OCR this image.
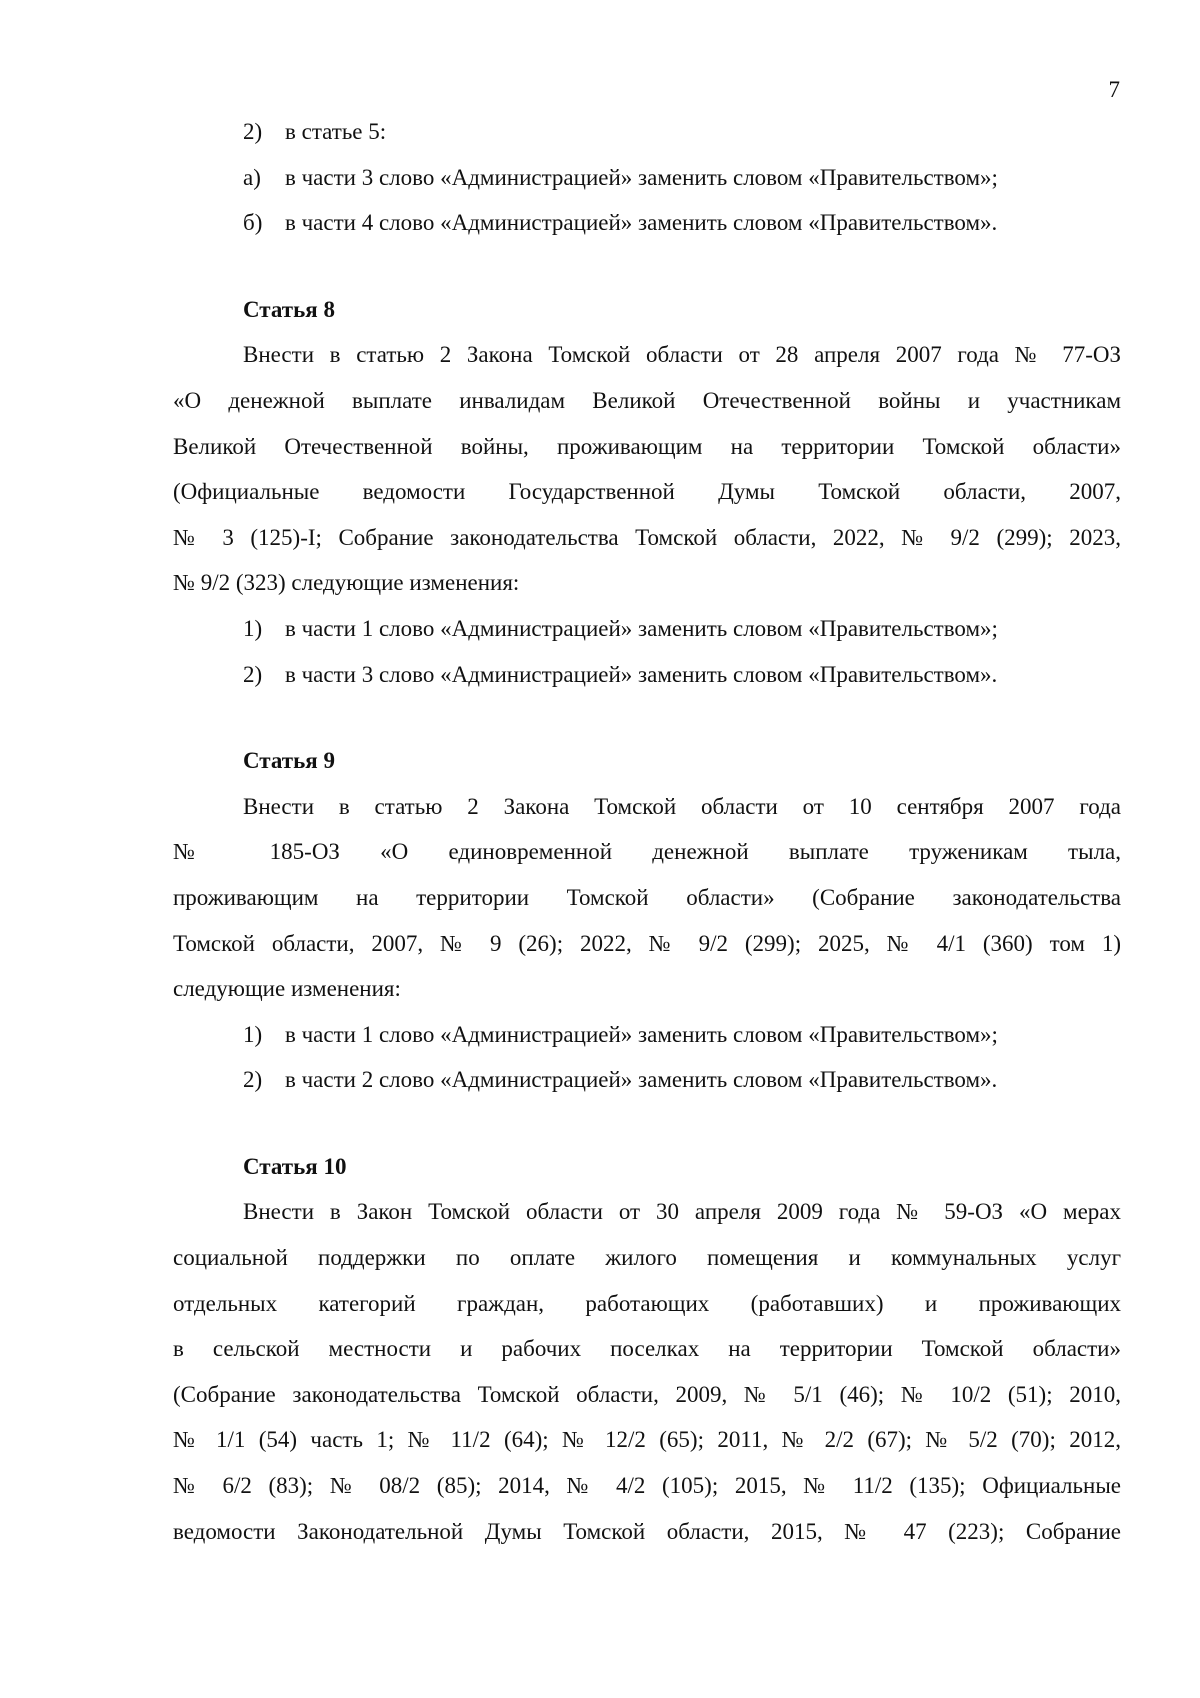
7
2) в статье 5:
а) в части 3 слово «Администрацией» заменить словом «Правительством»;
б) в части 4 слово «Администрацией» заменить словом «Правительством».
Статья 8
Внести в статью 2 Закона Томской области от 28 апреля 2007 года № 77-ОЗ
«О денежной выплате инвалидам Великой Отечественной войны и участникам
Великой Отечественной войны, проживающим на территории Томской области»
(Официальные ведомости Государственной Думы Томской области, 2007,
№ 3 (125)-I; Собрание законодательства Томской области, 2022, № 9/2 (299); 2023,
№ 9/2 (323) следующие изменения:
1) в части 1 слово «Администрацией» заменить словом «Правительством»;
2) в части 3 слово «Администрацией» заменить словом «Правительством».
Статья 9
Внести в статью 2 Закона Томской области от 10 сентября 2007 года
№ 185-ОЗ «О единовременной денежной выплате труженикам тыла,
проживающим на территории Томской области» (Собрание законодательства
Томской области, 2007, № 9 (26); 2022, № 9/2 (299); 2025, № 4/1 (360) том 1)
следующие изменения:
1) в части 1 слово «Администрацией» заменить словом «Правительством»;
2) в части 2 слово «Администрацией» заменить словом «Правительством».
Статья 10
Внести в Закон Томской области от 30 апреля 2009 года № 59-ОЗ «О мерах
социальной поддержки по оплате жилого помещения и коммунальных услуг
отдельных категорий граждан, работающих (работавших) и проживающих
в сельской местности и рабочих поселках на территории Томской области»
(Собрание законодательства Томской области, 2009, № 5/1 (46); № 10/2 (51); 2010,
№ 1/1 (54) часть 1; № 11/2 (64); № 12/2 (65); 2011, № 2/2 (67); № 5/2 (70); 2012,
№ 6/2 (83); № 08/2 (85); 2014, № 4/2 (105); 2015, № 11/2 (135); Официальные
ведомости Законодательной Думы Томской области, 2015, № 47 (223); Собрание
